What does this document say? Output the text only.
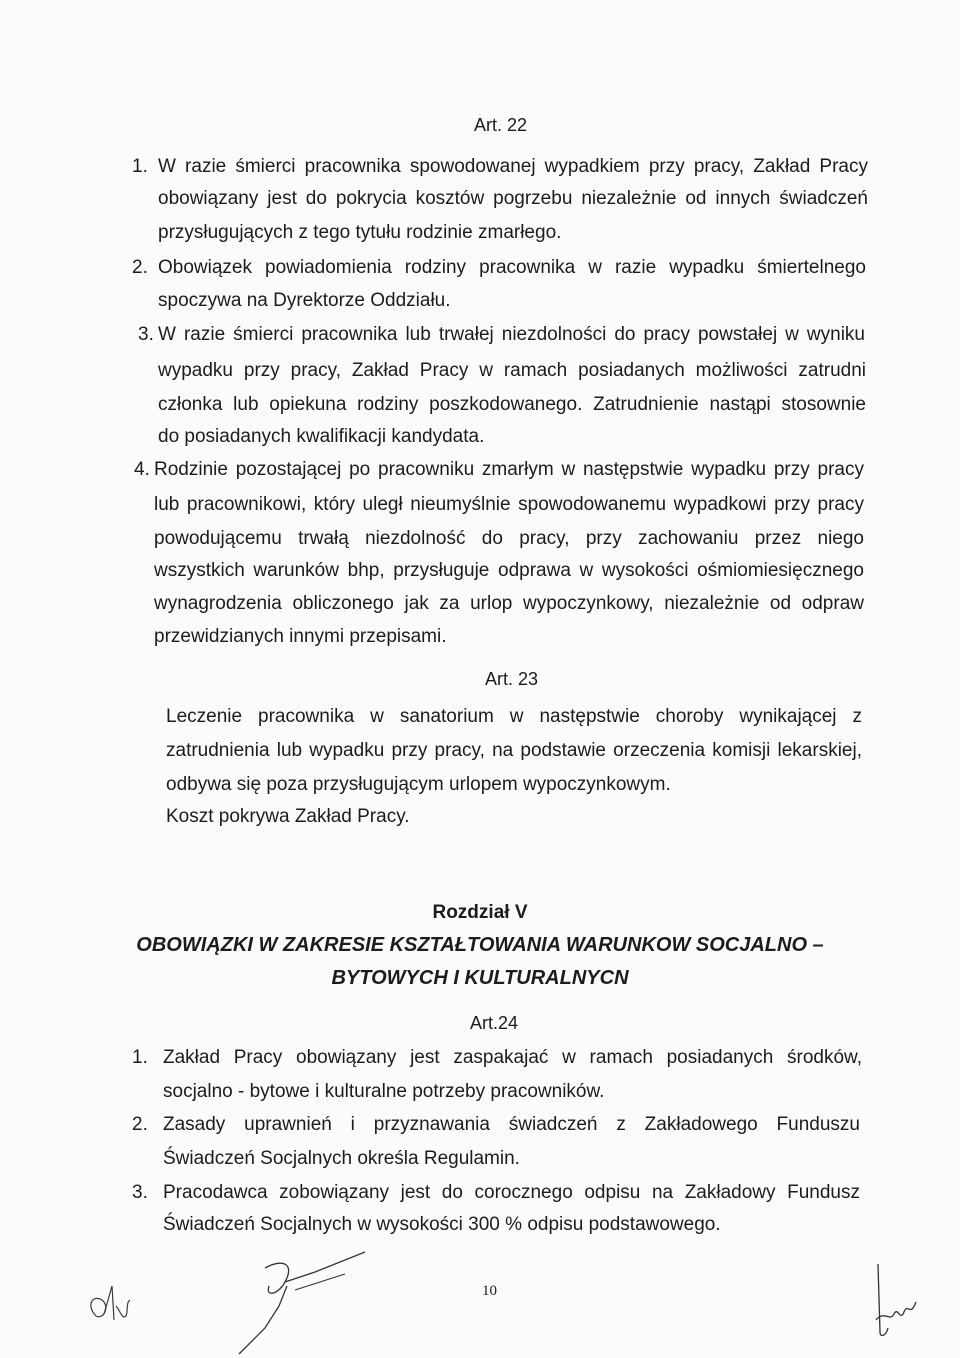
Art. 22
1. W razie śmierci pracownika spowodowanej wypadkiem przy pracy, Zakład Pracy
obowiązany jest do pokrycia kosztów pogrzebu niezależnie od innych świadczeń
przysługujących z tego tytułu rodzinie zmarłego.
2. Obowiązek powiadomienia rodziny pracownika w razie wypadku śmiertelnego
spoczywa na Dyrektorze Oddziału.
3. W razie śmierci pracownika lub trwałej niezdolności do pracy powstałej w wyniku
wypadku przy pracy, Zakład Pracy w ramach posiadanych możliwości zatrudni
członka lub opiekuna rodziny poszkodowanego. Zatrudnienie nastąpi stosownie
do posiadanych kwalifikacji kandydata.
4. Rodzinie pozostającej po pracowniku zmarłym w następstwie wypadku przy pracy
lub pracownikowi, który uległ nieumyślnie spowodowanemu wypadkowi przy pracy
powodującemu trwałą niezdolność do pracy, przy zachowaniu przez niego
wszystkich warunków bhp, przysługuje odprawa w wysokości ośmiomiesięcznego
wynagrodzenia obliczonego jak za urlop wypoczynkowy, niezależnie od odpraw
przewidzianych innymi przepisami.
Art. 23
Leczenie pracownika w sanatorium w następstwie choroby wynikającej z
zatrudnienia lub wypadku przy pracy, na podstawie orzeczenia komisji lekarskiej,
odbywa się poza przysługującym urlopem wypoczynkowym.
Koszt pokrywa Zakład Pracy.
Rozdział V
OBOWIĄZKI W ZAKRESIE KSZTAŁTOWANIA WARUNKOW SOCJALNO –
BYTOWYCH I KULTURALNYCN
Art.24
1. Zakład Pracy obowiązany jest zaspakajać w ramach posiadanych środków,
socjalno - bytowe i kulturalne potrzeby pracowników.
2. Zasady uprawnień i przyznawania świadczeń z Zakładowego Funduszu
Świadczeń Socjalnych określa Regulamin.
3. Pracodawca zobowiązany jest do corocznego odpisu na Zakładowy Fundusz
Świadczeń Socjalnych w wysokości 300 % odpisu podstawowego.
10
